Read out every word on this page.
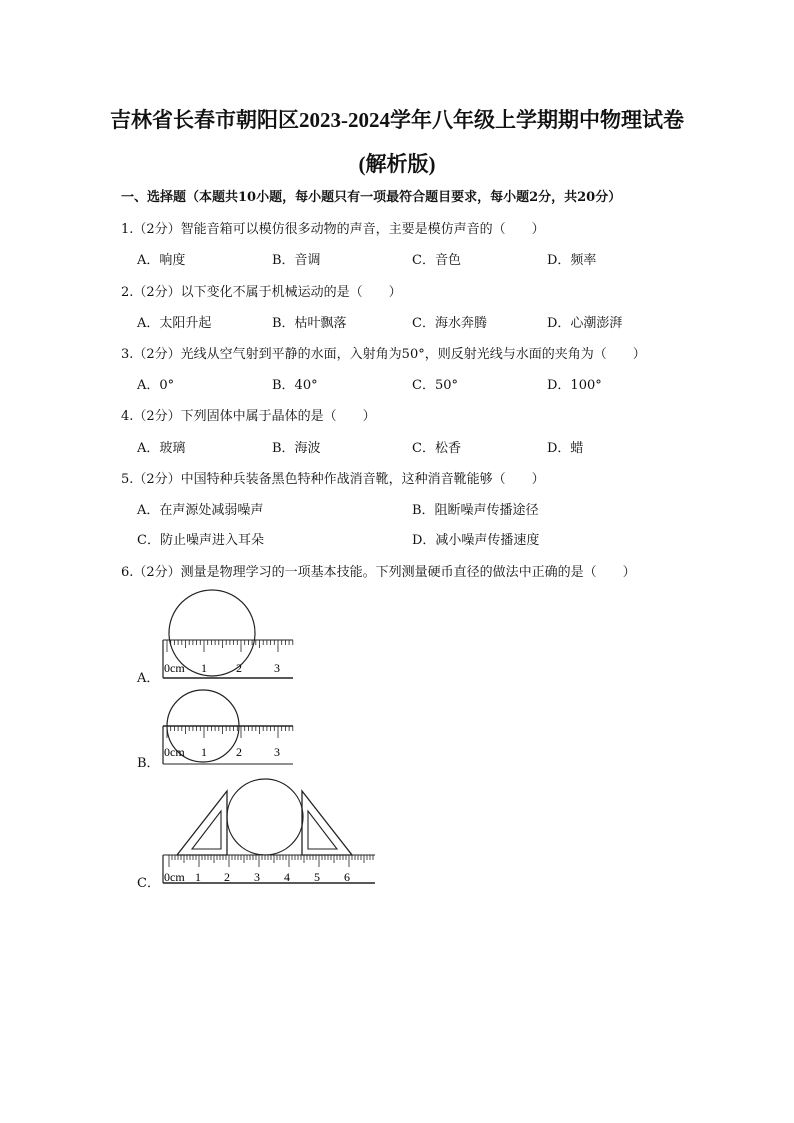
吉林省长春市朝阳区2023-2024学年八年级上学期期中物理试卷
(解析版)
一、选择题（本题共10小题，每小题只有一项最符合题目要求，每小题2分，共20分）
1.（2分）智能音箱可以模仿很多动物的声音，主要是模仿声音的（　　）
A．响度	B．音调	C．音色	D．频率
2.（2分）以下变化不属于机械运动的是（　　）
A．太阳升起	B．枯叶飘落	C．海水奔腾	D．心潮澎湃
3.（2分）光线从空气射到平静的水面，入射角为50°，则反射光线与水面的夹角为（　　）
A．0°	B．40°	C．50°	D．100°
4.（2分）下列固体中属于晶体的是（　　）
A．玻璃	B．海波	C．松香	D．蜡
5.（2分）中国特种兵装备黑色特种作战消音靴，这种消音靴能够（　　）
A．在声源处减弱噪声	B．阻断噪声传播途径
C．防止噪声进入耳朵	D．减小噪声传播速度
6.（2分）测量是物理学习的一项基本技能。下列测量硬币直径的做法中正确的是（　　）
A．
0cm 1 2	3
B．
0cm 1 2	3
C． 0cm 1 2 3 4 5 6
